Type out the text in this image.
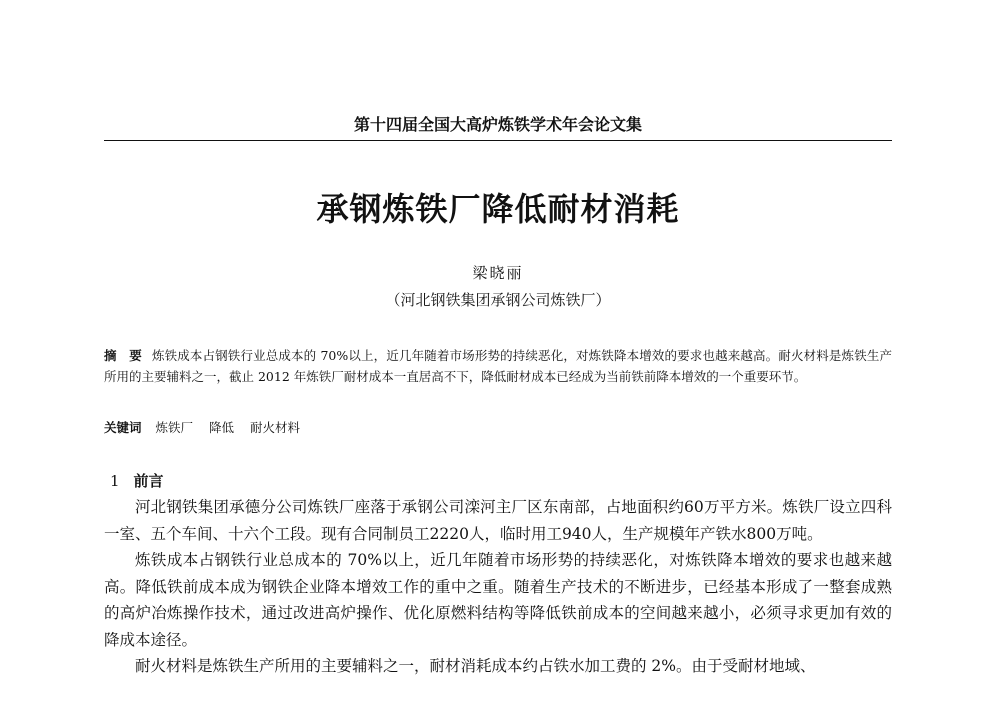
第十四届全国大高炉炼铁学术年会论文集
承钢炼铁厂降低耐材消耗
梁晓丽
（河北钢铁集团承钢公司炼铁厂）
摘　要 炼铁成本占钢铁行业总成本的 70%以上，近几年随着市场形势的持续恶化，对炼铁降本增效的要求也越来越高。耐火材料是炼铁生产所用的主要辅料之一，截止 2012 年炼铁厂耐材成本一直居高不下，降低耐材成本已经成为当前铁前降本增效的一个重要环节。
关键词 炼铁厂 降低 耐火材料
1 前言

河北钢铁集团承德分公司炼铁厂座落于承钢公司滦河主厂区东南部，占地面积约60万平方米。炼铁厂设立四科一室、五个车间、十六个工段。现有合同制员工2220人，临时用工940人，生产规模年产铁水800万吨。

炼铁成本占钢铁行业总成本的 70%以上，近几年随着市场形势的持续恶化，对炼铁降本增效的要求也越来越高。降低铁前成本成为钢铁企业降本增效工作的重中之重。随着生产技术的不断进步，已经基本形成了一整套成熟的高炉冶炼操作技术，通过改进高炉操作、优化原燃料结构等降低铁前成本的空间越来越小，必须寻求更加有效的降成本途径。

耐火材料是炼铁生产所用的主要辅料之一，耐材消耗成本约占铁水加工费的 2%。由于受耐材地域、
